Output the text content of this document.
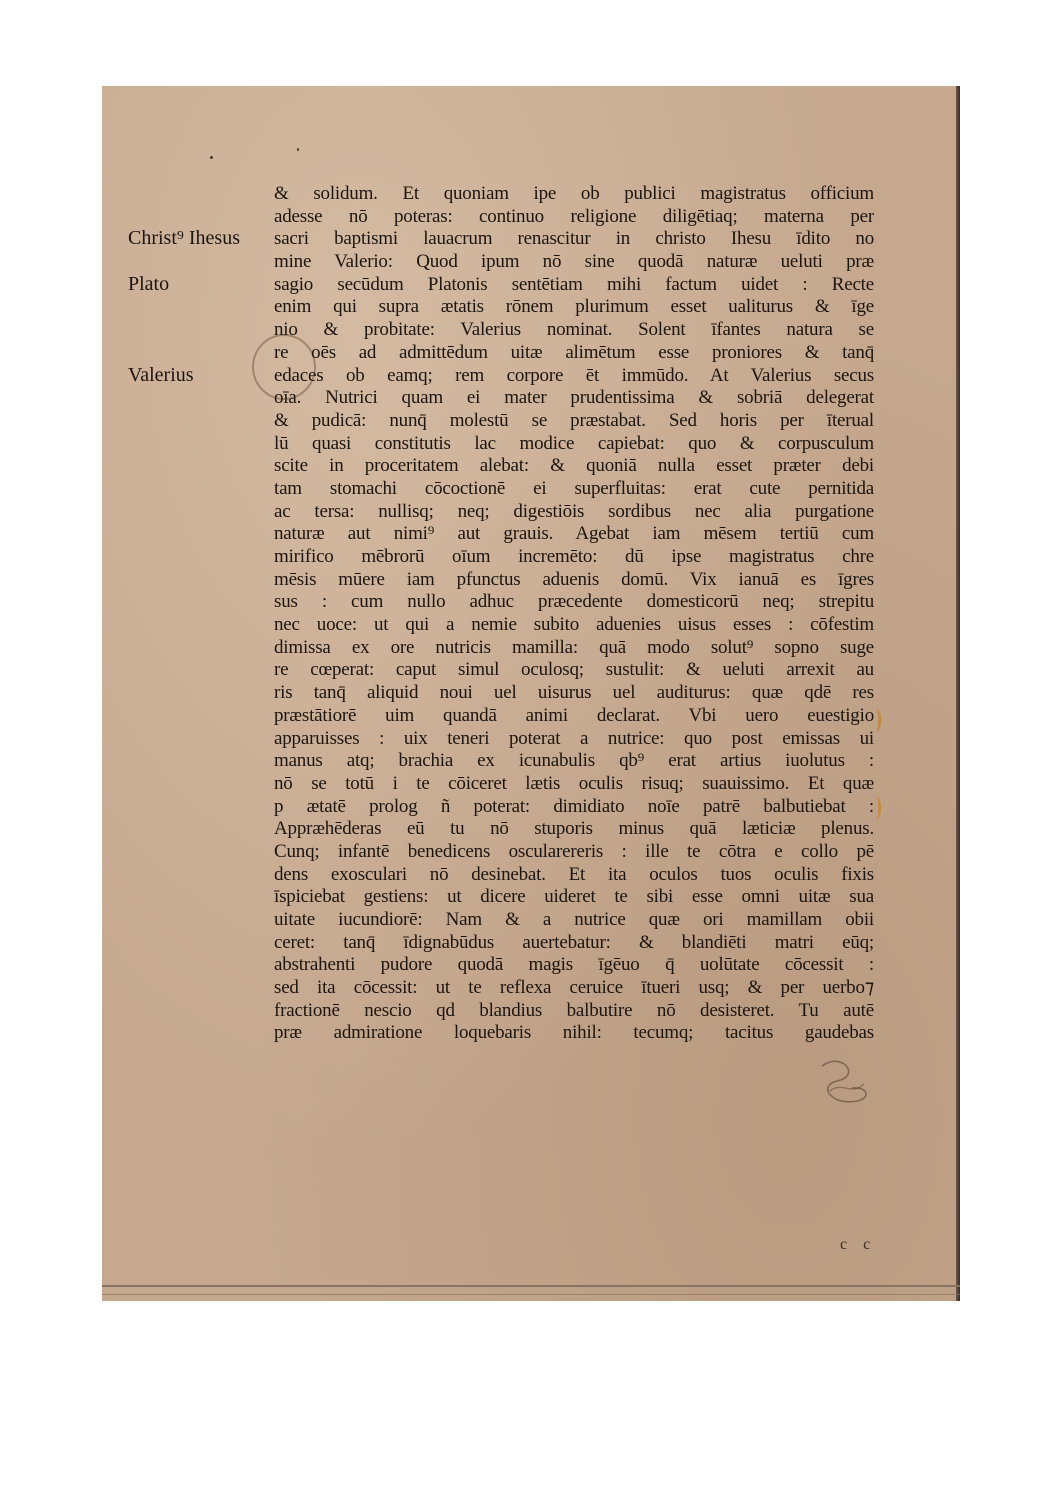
Christ⁹ Ihesus
Plato
Valerius
& solidum. Et quoniam ipe ob publici magistratus officium
adesse nō poteras: continuo religione diligētiaq; materna per
sacri baptismi lauacrum renascitur in christo Ihesu īdito no
mine Valerio: Quod ipum nō sine quodā naturæ ueluti præ
sagio secūdum Platonis sentētiam mihi factum uidet : Recte
enim qui supra ætatis rōnem plurimum esset ualiturus & īge
nio & probitate: Valerius nominat. Solent īfantes natura se
re oēs ad admittēdum uitæ alimētum esse proniores & tanq̄
edaces ob eamq; rem corpore ēt immūdo. At Valerius secus
oīa. Nutrici quam ei mater prudentissima & sobriā delegerat
& pudicā: nunq̄ molestū se præstabat. Sed horis per īterual
lū quasi constitutis lac modice capiebat: quo & corpusculum
scite in proceritatem alebat: & quoniā nulla esset præter debi
tam stomachi cōcoctionē ei superfluitas: erat cute pernitida
ac tersa: nullisq; neq; digestiōis sordibus nec alia purgatione
naturæ aut nimi⁹ aut grauis. Agebat iam mēsem tertiū cum
mirifico mēbrorū oīum incremēto: dū ipse magistratus chre
mēsis mūere iam pfunctus aduenis domū. Vix ianuā es īgres
sus : cum nullo adhuc præcedente domesticorū neq; strepitu
nec uoce: ut qui a nemie subito aduenies uisus esses : cōfestim
dimissa ex ore nutricis mamilla: quā modo solut⁹ sopno suge
re cœperat: caput simul oculosq; sustulit: & ueluti arrexit au
ris tanq̄ aliquid noui uel uisurus uel auditurus: quæ qdē res
præstātiorē uim quandā animi declarat. Vbi uero euestigio
apparuisses : uix teneri poterat a nutrice: quo post emissas ui
manus atq; brachia ex icunabulis qb⁹ erat artius iuolutus :
nō se totū i te cōiceret lætis oculis risuq; suauissimo. Et quæ
p ætatē prolog ñ poterat: dimidiato noīe patrē balbutiebat :
Appræhēderas eū tu nō stuporis minus quā læticiæ plenus.
Cunq; infantē benedicens oscularereris : ille te cōtra e collo pē
dens exosculari nō desinebat. Et ita oculos tuos oculis fixis
īspiciebat gestiens: ut dicere uideret te sibi esse omni uitæ sua
uitate iucundiorē: Nam & a nutrice quæ ori mamillam obii
ceret: tanq̄ īdignabūdus auertebatur: & blandiēti matri eūq;
abstrahenti pudore quodā magis īgēuo q̄ uolūtate cōcessit :
sed ita cōcessit: ut te reflexa ceruice ītueri usq; & per uerbo⁊
fractionē nescio qd blandius balbutire nō desisteret. Tu autē
præ admiratione loquebaris nihil: tecumq; tacitus gaudebas
c c
